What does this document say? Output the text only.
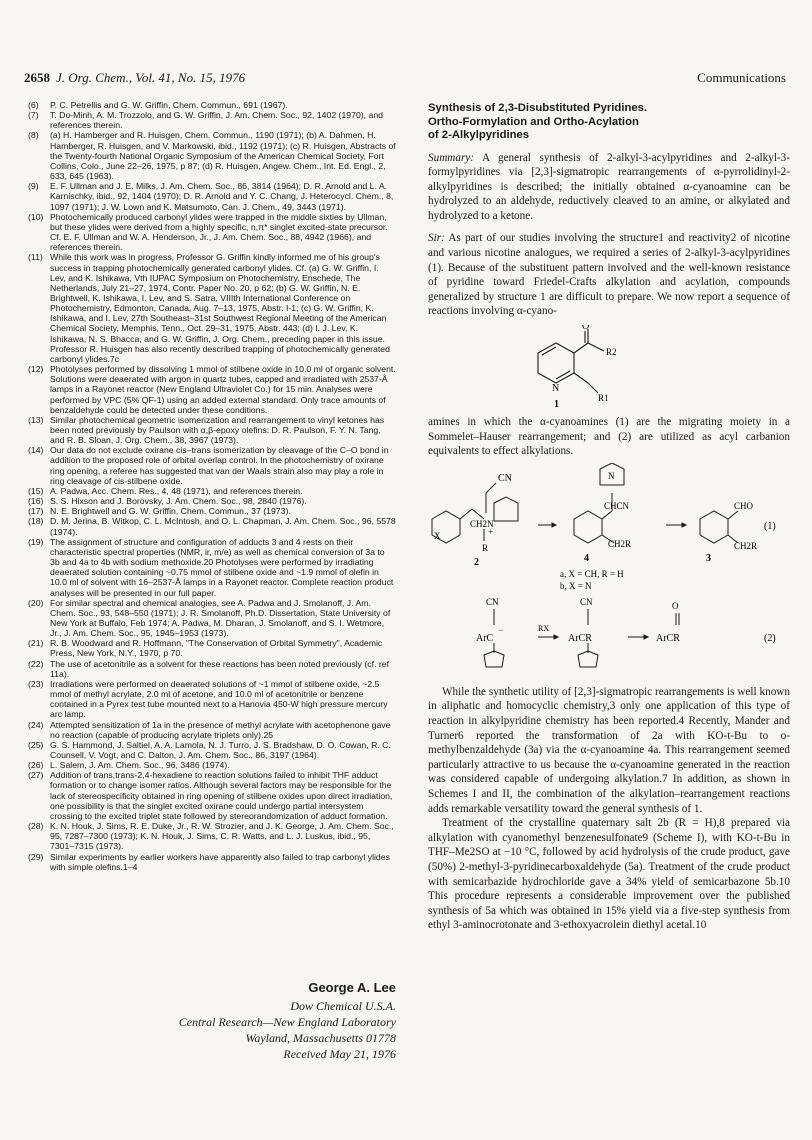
2658 J. Org. Chem., Vol. 41, No. 15, 1976	Communications

(6) P. C. Petrellis and G. W. Griffin, Chem. Commun., 691 (1967).

(7) T. Do-Minh, A. M. Trozzolo, and G. W. Griffin, J. Am. Chem. Soc., 92, 1402 (1970), and references therein.

(8) (a) H. Hamberger and R. Huisgen, Chem. Commun., 1190 (1971); (b) A. Dahmen, H. Hamberger, R. Huisgen, and V. Markowski, ibid., 1192 (1971); (c) R. Huisgen, Abstracts of the Twenty-fourth National Organic Symposium of the American Chemical Society, Fort Collins, Colo., June 22–26, 1975, p 87; (d) R. Huisgen, Angew. Chem., Int. Ed. Engl., 2, 633, 645 (1963).

(9) E. F. Ullman and J. E. Milks, J. Am. Chem. Soc., 86, 3814 (1964); D. R. Arnold and L. A. Karnischky, ibid., 92, 1404 (1970); D. R. Arnold and Y. C. Chang, J. Heterocycl. Chem., 8, 1097 (1971); J. W. Lown and K. Matsumoto, Can. J. Chem., 49, 3443 (1971).

(10) Photochemically produced carbonyl ylides were trapped in the middle sixties by Ullman, but these ylides were derived from a highly specific, n,π* singlet excited-state precursor. Cf. E. F. Ullman and W. A. Henderson, Jr., J. Am. Chem. Soc., 88, 4942 (1966), and references therein.

(11) While this work was in progress, Professor G. Griffin kindly informed me of his group's success in trapping photochemically generated carbonyl ylides. Cf. (a) G. W. Griffin, I. Lev, and K. Ishikawa, Vth IUPAC Symposium on Photochemistry, Enschede, The Netherlands, July 21–27, 1974, Contr. Paper No. 20, p 62; (b) G. W. Griffin, N. E. Brightwell, K. Ishikawa, I. Lev, and S. Satra, VIIIth International Conference on Photochemistry, Edmonton, Canada, Aug. 7–13, 1975, Abstr. I-1; (c) G. W. Griffin, K. Ishikawa, and I. Lev, 27th Southeast–31st Southwest Regional Meeting of the American Chemical Society, Memphis, Tenn., Oct. 29–31, 1975, Abstr. 443; (d) I. J. Lev, K. Ishikawa, N. S. Bhacca, and G. W. Griffin, J. Org. Chem., preceding paper in this issue. Professor R. Huisgen has also recently described trapping of photochemically generated carbonyl ylides.7c

(12) Photolyses performed by dissolving 1 mmol of stilbene oxide in 10.0 ml of organic solvent. Solutions were deaerated with argon in quartz tubes, capped and irradiated with 2537-Å lamps in a Rayonet reactor (New England Ultraviolet Co.) for 15 min. Analyses were performed by VPC (5% QF-1) using an added external standard. Only trace amounts of benzaldehyde could be detected under these conditions.

(13) Similar photochemical geometric isomerization and rearrangement to vinyl ketones has been noted previously by Paulson with α,β-epoxy olefins: D. R. Paulson, F. Y. N. Tang, and R. B. Sloan, J. Org. Chem., 38, 3967 (1973).

(14) Our data do not exclude oxirane cis–trans isomerization by cleavage of the C–O bond in addition to the proposed role of orbital overlap control. In the photochemistry of oxirane ring opening, a referee has suggested that van der Waals strain also may play a role in ring cleavage of cis-stilbene oxide.

(15) A. Padwa, Acc. Chem. Res., 4, 48 (1971), and references therein.

(16) S. S. Hixson and J. Borovsky, J. Am. Chem. Soc., 98, 2840 (1976).

(17) N. E. Brightwell and G. W. Griffin, Chem. Commun., 37 (1973).

(18) D. M. Jerina, B. Witkop, C. L. McIntosh, and O. L. Chapman, J. Am. Chem. Soc., 96, 5578 (1974).

(19) The assignment of structure and configuration of adducts 3 and 4 rests on their characteristic spectral properties (NMR, ir, m/e) as well as chemical conversion of 3a to 3b and 4a to 4b with sodium methoxide.20 Photolyses were performed by irradiating deaerated solution containing ~0.75 mmol of stilbene oxide and ~1.9 mmol of olefin in 10.0 ml of solvent with 16–2537-Å lamps in a Rayonet reactor. Complete reaction product analyses will be presented in our full paper.

(20) For similar spectral and chemical analogies, see A. Padwa and J. Smolanoff, J. Am. Chem. Soc., 93, 548–550 (1971); J. R. Smolanoff, Ph.D. Dissertation, State University of New York at Buffalo, Feb 1974; A. Padwa, M. Dharan, J. Smolanoff, and S. I. Wetmore, Jr., J. Am. Chem. Soc., 95, 1945–1953 (1973).

(21) R. B. Woodward and R. Hoffmann, "The Conservation of Orbital Symmetry", Academic Press, New York, N.Y., 1970, p 70.

(22) The use of acetonitrile as a solvent for these reactions has been noted previously (cf. ref 11a).

(23) Irradiations were performed on deaerated solutions of ~1 mmol of stilbene oxide, ~2.5 mmol of methyl acrylate, 2.0 ml of acetone, and 10.0 ml of acetonitrile or benzene contained in a Pyrex test tube mounted next to a Hanovia 450-W high pressure mercury arc lamp.

(24) Attempted sensitization of 1a in the presence of methyl acrylate with acetophenone gave no reaction (capable of producing acrylate triplets only).25

(25) G. S. Hammond, J. Saltiel, A. A. Lamola, N. J. Turro, J. S. Bradshaw, D. O. Cowan, R. C. Counsell, V. Vogt, and C. Dalton, J. Am. Chem. Soc., 86, 3197 (1964).

(26) L. Salem, J. Am. Chem. Soc., 96, 3486 (1974).

(27) Addition of trans,trans-2,4-hexadiene to reaction solutions failed to inhibit THF adduct formation or to change isomer ratios. Although several factors may be responsible for the lack of stereospecificity obtained in ring opening of stilbene oxides upon direct irradiation, one possibility is that the singlet excited oxirane could undergo partial intersystem crossing to the excited triplet state followed by stereorandomization of adduct formation.

(28) K. N. Houk, J. Sims, R. E. Duke, Jr., R. W. Strozier, and J. K. George, J. Am. Chem. Soc., 95, 7287–7300 (1973); K. N. Houk, J. Sims, C. R. Watts, and L. J. Luskus, ibid., 95, 7301–7315 (1973).

(29) Similar experiments by earlier workers have apparently also failed to trap carbonyl ylides with simple olefins.1–4

George A. Lee
Dow Chemical U.S.A.
Central Research—New England Laboratory
Wayland, Massachusetts 01778
Received May 21, 1976
Synthesis of 2,3-Disubstituted Pyridines.
Ortho-Formylation and Ortho-Acylation
of 2-Alkylpyridines

Summary: A general synthesis of 2-alkyl-3-acylpyridines and 2-alkyl-3-formylpyridines via [2,3]-sigmatropic rearrangements of α-pyrrolidinyl-2-alkylpyridines is described; the initially obtained α-cyanoamine can be hydrolyzed to an aldehyde, reductively cleaved to an amine, or alkylated and hydrolyzed to a ketone.

Sir: As part of our studies involving the structure1 and reactivity2 of nicotine and various nicotine analogues, we required a series of 2-alkyl-3-acylpyridines (1). Because of the substituent pattern involved and the well-known resistance of pyridine toward Friedel-Crafts alkylation and acylation, compounds generalized by structure 1 are difficult to prepare. We now report a sequence of reactions involving α-cyano-

O
R2
N
R1
1

amines in which the α-cyanoamines (1) are the migrating moiety in a Sommelet–Hauser rearrangement; and (2) are utilized as acyl carbanion equivalents to effect alkylations.

CN
CH2N
+
R
X
2
N
CHCN
CH2R
4
CHO
CH2R
3
(1)
a, X = CH, R = H
b, X = N
CN
ArC
−	RX
CN
ArCR
O
ArCR	(2)

While the synthetic utility of [2,3]-sigmatropic rearrangements is well known in aliphatic and homocyclic chemistry,3 only one application of this type of reaction in alkylpyridine chemistry has been reported.4 Recently, Mander and Turner6 reported the transformation of 2a with KO-t-Bu to o-methylbenzaldehyde (3a) via the α-cyanoamine 4a. This rearrangement seemed particularly attractive to us because the α-cyanoamine generated in the reaction was considered capable of undergoing alkylation.7 In addition, as shown in Schemes I and II, the combination of the alkylation–rearrangement reactions adds remarkable versatility toward the general synthesis of 1.

Treatment of the crystalline quaternary salt 2b (R = H),8 prepared via alkylation with cyanomethyl benzenesulfonate9 (Scheme I), with KO-t-Bu in THF–Me2SO at −10 °C, followed by acid hydrolysis of the crude product, gave (50%) 2-methyl-3-pyridinecarboxaldehyde (5a). Treatment of the crude product with semicarbazide hydrochloride gave a 34% yield of semicarbazone 5b.10 This procedure represents a considerable improvement over the published synthesis of 5a which was obtained in 15% yield via a five-step synthesis from ethyl 3-aminocrotonate and 3-ethoxyacrolein diethyl acetal.10
